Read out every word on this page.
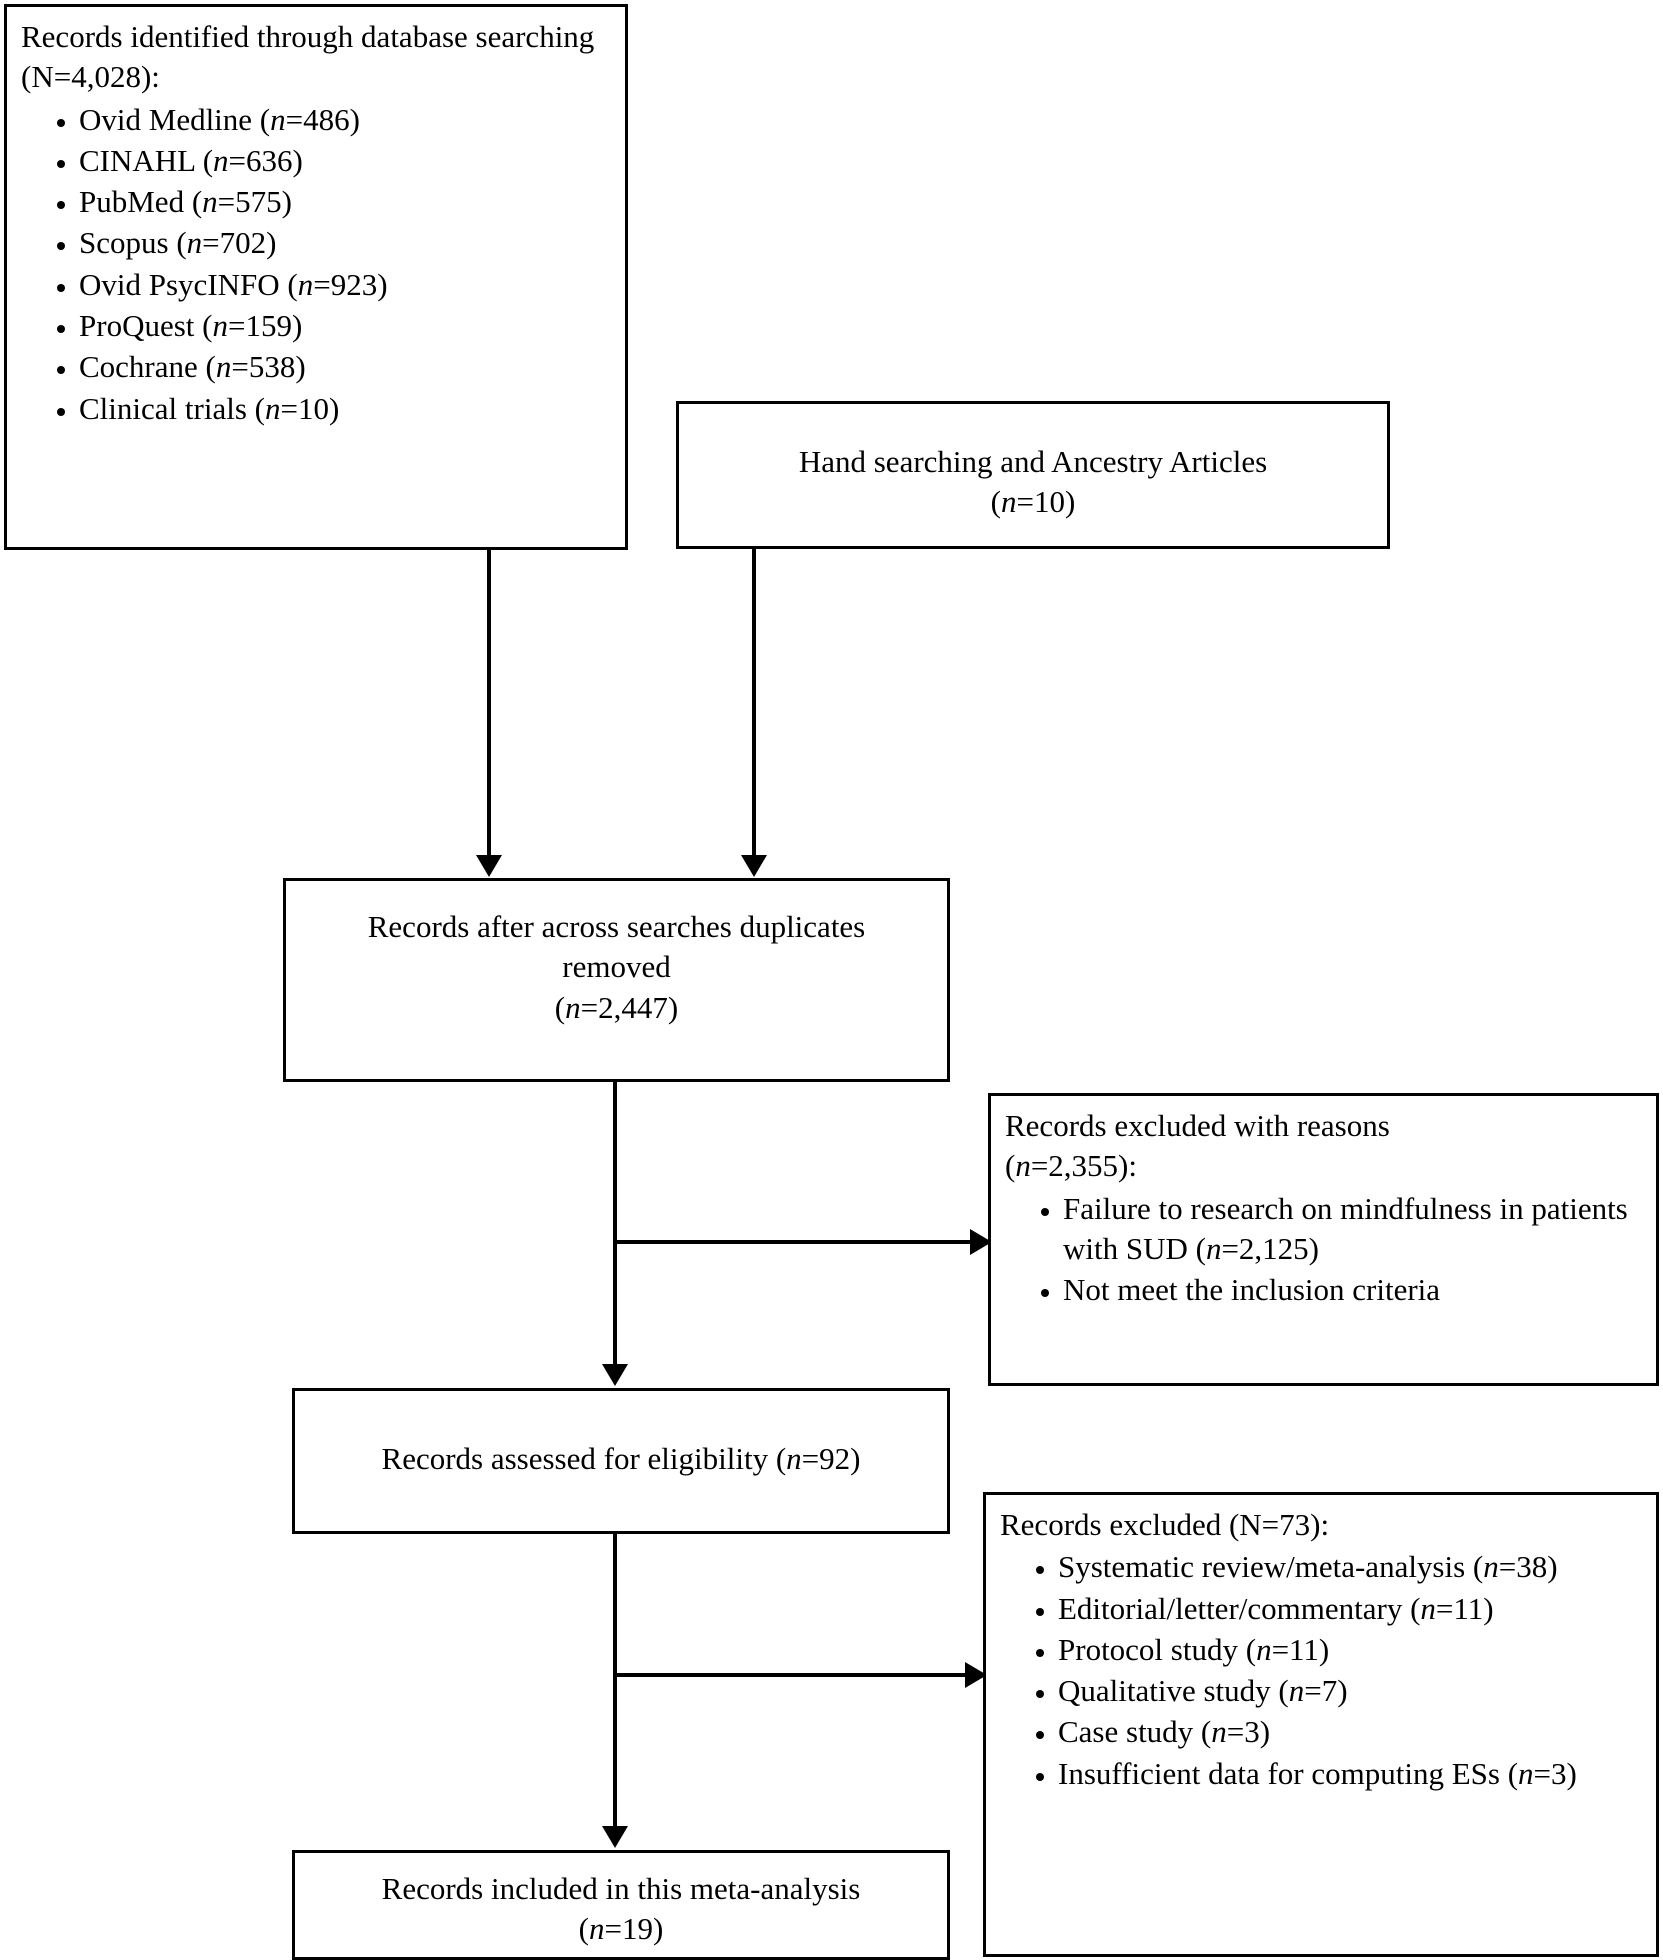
Records identified through database searching (N=4,028):
• Ovid Medline (n=486)
• CINAHL (n=636)
• PubMed (n=575)
• Scopus (n=702)
• Ovid PsycINFO (n=923)
• ProQuest (n=159)
• Cochrane (n=538)
• Clinical trials (n=10)
Hand searching and Ancestry Articles
(n=10)
Records after across searches duplicates
removed
(n=2,447)
Records excluded with reasons
(n=2,355):
• Failure to research on mindfulness in patients with SUD (n=2,125)
• Not meet the inclusion criteria
Records assessed for eligibility (n=92)
Records excluded (N=73):
• Systematic review/meta-analysis (n=38)
• Editorial/letter/commentary (n=11)
• Protocol study (n=11)
• Qualitative study (n=7)
• Case study (n=3)
• Insufficient data for computing ESs (n=3)
Records included in this meta-analysis
(n=19)
